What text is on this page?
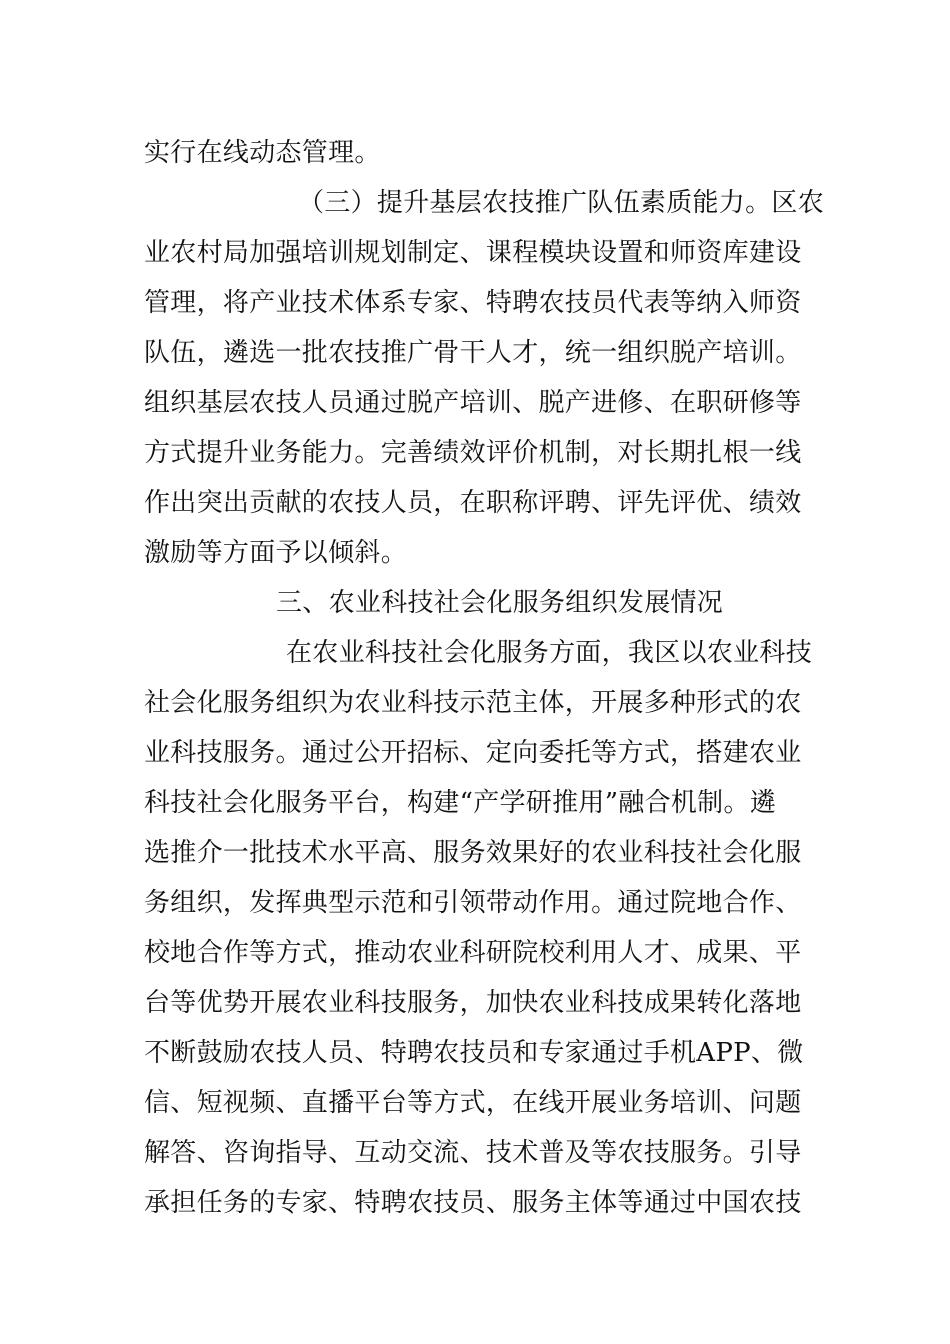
实行在线动态管理。
（三）提升基层农技推广队伍素质能力。区农
业农村局加强培训规划制定、课程模块设置和师资库建设
管理，将产业技术体系专家、特聘农技员代表等纳入师资
队伍，遴选一批农技推广骨干人才，统一组织脱产培训。
组织基层农技人员通过脱产培训、脱产进修、在职研修等
方式提升业务能力。完善绩效评价机制，对长期扎根一线
作出突出贡献的农技人员，在职称评聘、评先评优、绩效
激励等方面予以倾斜。
三、农业科技社会化服务组织发展情况
在农业科技社会化服务方面，我区以农业科技
社会化服务组织为农业科技示范主体，开展多种形式的农
业科技服务。通过公开招标、定向委托等方式，搭建农业
科技社会化服务平台，构建“产学研推用”融合机制。遴
选推介一批技术水平高、服务效果好的农业科技社会化服
务组织，发挥典型示范和引领带动作用。通过院地合作、
校地合作等方式，推动农业科研院校利用人才、成果、平
台等优势开展农业科技服务，加快农业科技成果转化落地
不断鼓励农技人员、特聘农技员和专家通过手机APP、微
信、短视频、直播平台等方式，在线开展业务培训、问题
解答、咨询指导、互动交流、技术普及等农技服务。引导
承担任务的专家、特聘农技员、服务主体等通过中国农技
